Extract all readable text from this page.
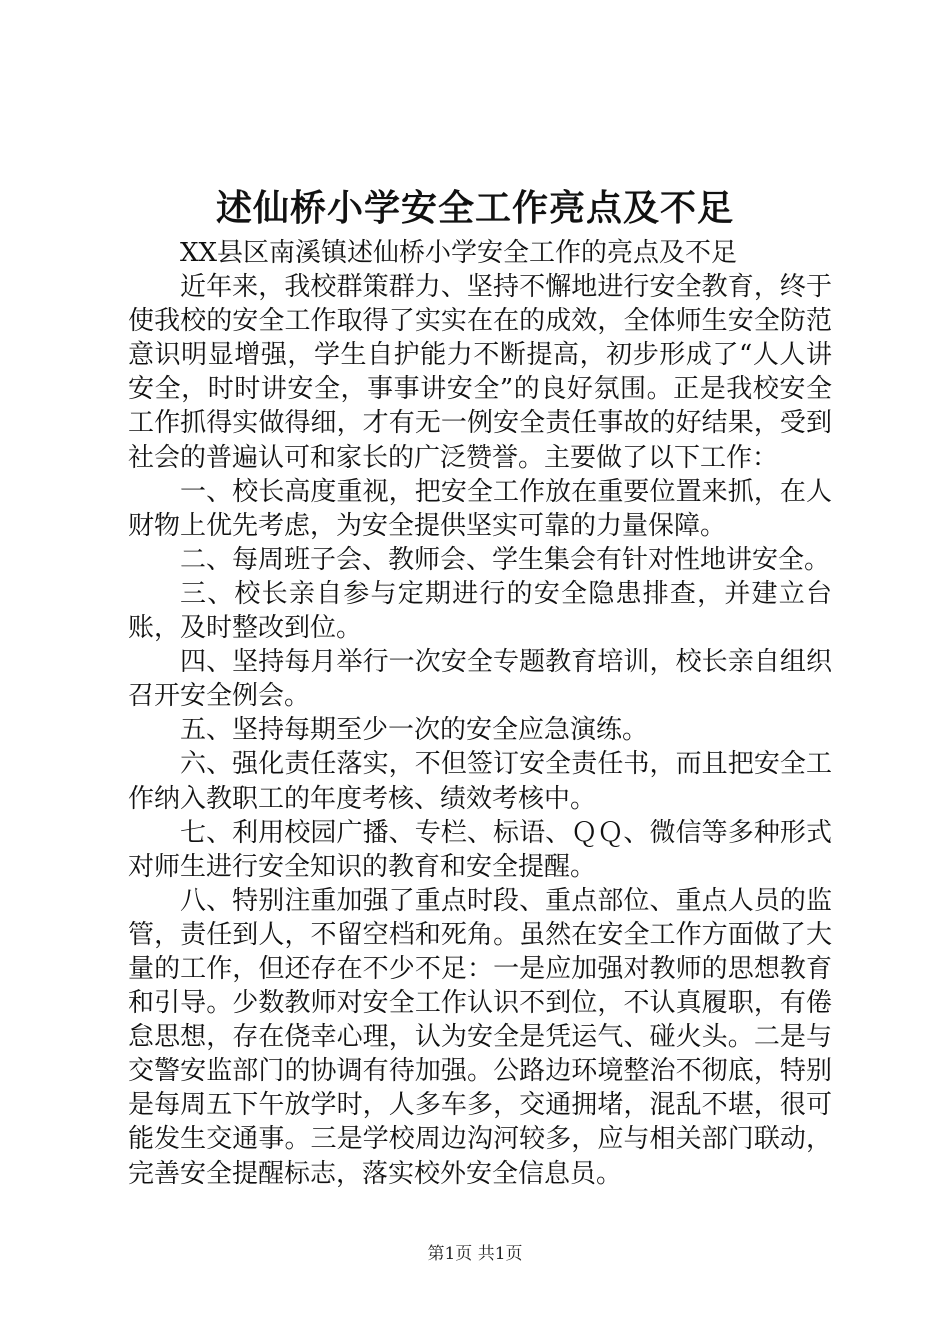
述仙桥小学安全工作亮点及不足

XX县区南溪镇述仙桥小学安全工作的亮点及不足

近年来，我校群策群力、坚持不懈地进行安全教育，终于使我校的安全工作取得了实实在在的成效，全体师生安全防范意识明显增强，学生自护能力不断提高，初步形成了“人人讲安全，时时讲安全，事事讲安全”的良好氛围。正是我校安全工作抓得实做得细，才有无一例安全责任事故的好结果，受到社会的普遍认可和家长的广泛赞誉。主要做了以下工作：

一、校长高度重视，把安全工作放在重要位置来抓，在人财物上优先考虑，为安全提供坚实可靠的力量保障。

二、每周班子会、教师会、学生集会有针对性地讲安全。

三、校长亲自参与定期进行的安全隐患排查，并建立台账，及时整改到位。

四、坚持每月举行一次安全专题教育培训，校长亲自组织召开安全例会。

五、坚持每期至少一次的安全应急演练。

六、强化责任落实，不但签订安全责任书，而且把安全工作纳入教职工的年度考核、绩效考核中。

七、利用校园广播、专栏、标语、ＱＱ、微信等多种形式对师生进行安全知识的教育和安全提醒。

八、特别注重加强了重点时段、重点部位、重点人员的监管，责任到人，不留空档和死角。虽然在安全工作方面做了大量的工作，但还存在不少不足：一是应加强对教师的思想教育和引导。少数教师对安全工作认识不到位，不认真履职，有倦怠思想，存在侥幸心理，认为安全是凭运气、碰火头。二是与交警安监部门的协调有待加强。公路边环境整治不彻底，特别是每周五下午放学时，人多车多，交通拥堵，混乱不堪，很可能发生交通事。三是学校周边沟河较多，应与相关部门联动，完善安全提醒标志，落实校外安全信息员。

第1页 共1页
